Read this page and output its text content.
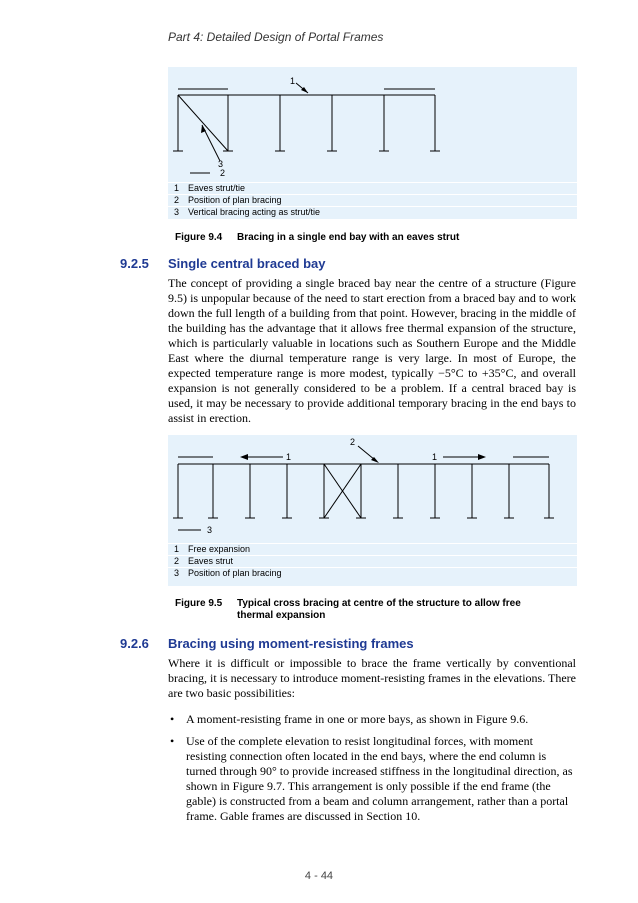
Part 4: Detailed Design of Portal Frames
1
3
2
1 Eaves strut/tie
2 Position of plan bracing
3 Vertical bracing acting as strut/tie
Figure 9.4	Bracing in a single end bay with an eaves strut
9.2.5	Single central braced bay
The concept of providing a single braced bay near the centre of a structure (Figure 9.5) is unpopular because of the need to start erection from a braced bay and to work down the full length of a building from that point. However, bracing in the middle of the building has the advantage that it allows free thermal expansion of the structure, which is particularly valuable in locations such as Southern Europe and the Middle East where the diurnal temperature range is very large. In most of Europe, the expected temperature range is more modest, typically −5°C to +35°C, and overall expansion is not generally considered to be a problem. If a central braced bay is used, it may be necessary to provide additional temporary bracing in the end bays to assist in erection.
1	1
2
3
1 Free expansion
2 Eaves strut
3 Position of plan bracing
Figure 9.5	Typical cross bracing at centre of the structure to allow free thermal expansion
9.2.6	Bracing using moment-resisting frames
Where it is difficult or impossible to brace the frame vertically by conventional bracing, it is necessary to introduce moment-resisting frames in the elevations. There are two basic possibilities:
• A moment-resisting frame in one or more bays, as shown in Figure 9.6.
• Use of the complete elevation to resist longitudinal forces, with moment resisting connection often located in the end bays, where the end column is turned through 90° to provide increased stiffness in the longitudinal direction, as shown in Figure 9.7. This arrangement is only possible if the end frame (the gable) is constructed from a beam and column arrangement, rather than a portal frame. Gable frames are discussed in Section 10.
4 - 44
